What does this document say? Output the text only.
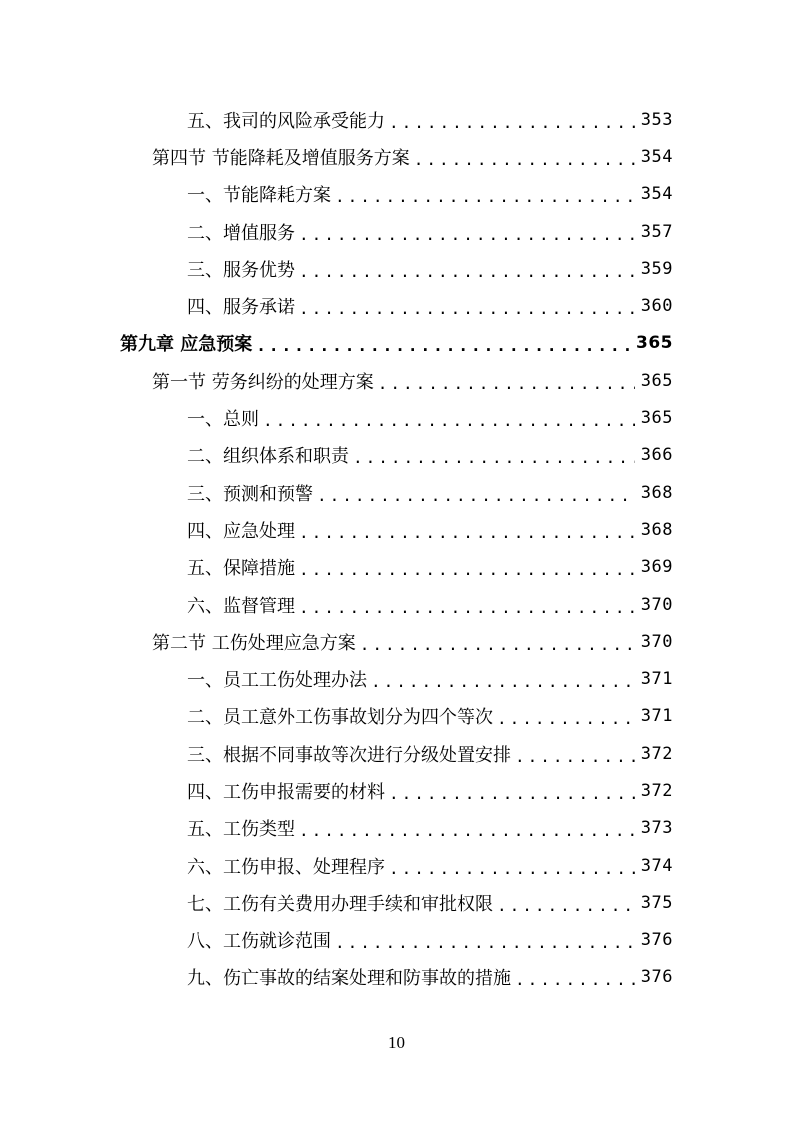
五、我司的风险承受能力 .....	353
第四节 节能降耗及增值服务方案 .....	354
一、节能降耗方案 .....	354
二、增值服务 .....	357
三、服务优势 .....	359
四、服务承诺 .....	360
第九章 应急预案 .....	365
第一节 劳务纠纷的处理方案 .....	365
一、总则 .....	365
二、组织体系和职责 .....	366
三、预测和预警 .....	368
四、应急处理 .....	368
五、保障措施 .....	369
六、监督管理 .....	370
第二节 工伤处理应急方案 .....	370
一、员工工伤处理办法 .....	371
二、员工意外工伤事故划分为四个等次 .....	371
三、根据不同事故等次进行分级处置安排 .....	372
四、工伤申报需要的材料 .....	372
五、工伤类型 .....	373
六、工伤申报、处理程序 .....	374
七、工伤有关费用办理手续和审批权限 .....	375
八、工伤就诊范围 .....	376
九、伤亡事故的结案处理和防事故的措施 .....	376
10
